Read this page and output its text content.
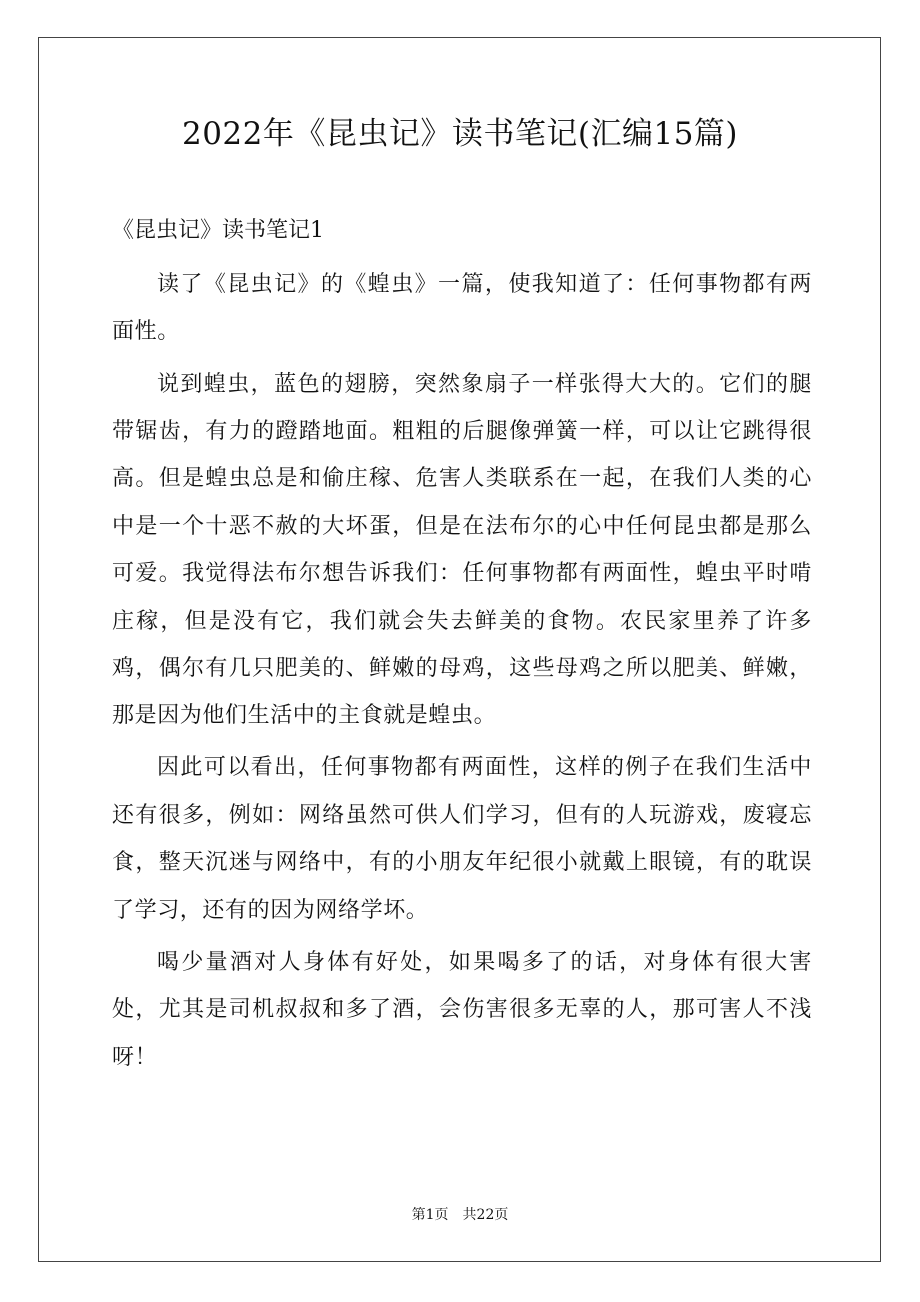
2022年《昆虫记》读书笔记(汇编15篇)
《昆虫记》读书笔记1

读了《昆虫记》的《蝗虫》一篇，使我知道了：任何事物都有两面性。

说到蝗虫，蓝色的翅膀，突然象扇子一样张得大大的。它们的腿带锯齿，有力的蹬踏地面。粗粗的后腿像弹簧一样，可以让它跳得很高。但是蝗虫总是和偷庄稼、危害人类联系在一起，在我们人类的心中是一个十恶不赦的大坏蛋，但是在法布尔的心中任何昆虫都是那么可爱。我觉得法布尔想告诉我们：任何事物都有两面性，蝗虫平时啃庄稼，但是没有它，我们就会失去鲜美的食物。农民家里养了许多鸡，偶尔有几只肥美的、鲜嫩的母鸡，这些母鸡之所以肥美、鲜嫩，那是因为他们生活中的主食就是蝗虫。

因此可以看出，任何事物都有两面性，这样的例子在我们生活中还有很多，例如：网络虽然可供人们学习，但有的人玩游戏，废寝忘食，整天沉迷与网络中，有的小朋友年纪很小就戴上眼镜，有的耽误了学习，还有的因为网络学坏。

喝少量酒对人身体有好处，如果喝多了的话，对身体有很大害处，尤其是司机叔叔和多了酒，会伤害很多无辜的人，那可害人不浅呀！

第1页 共22页
